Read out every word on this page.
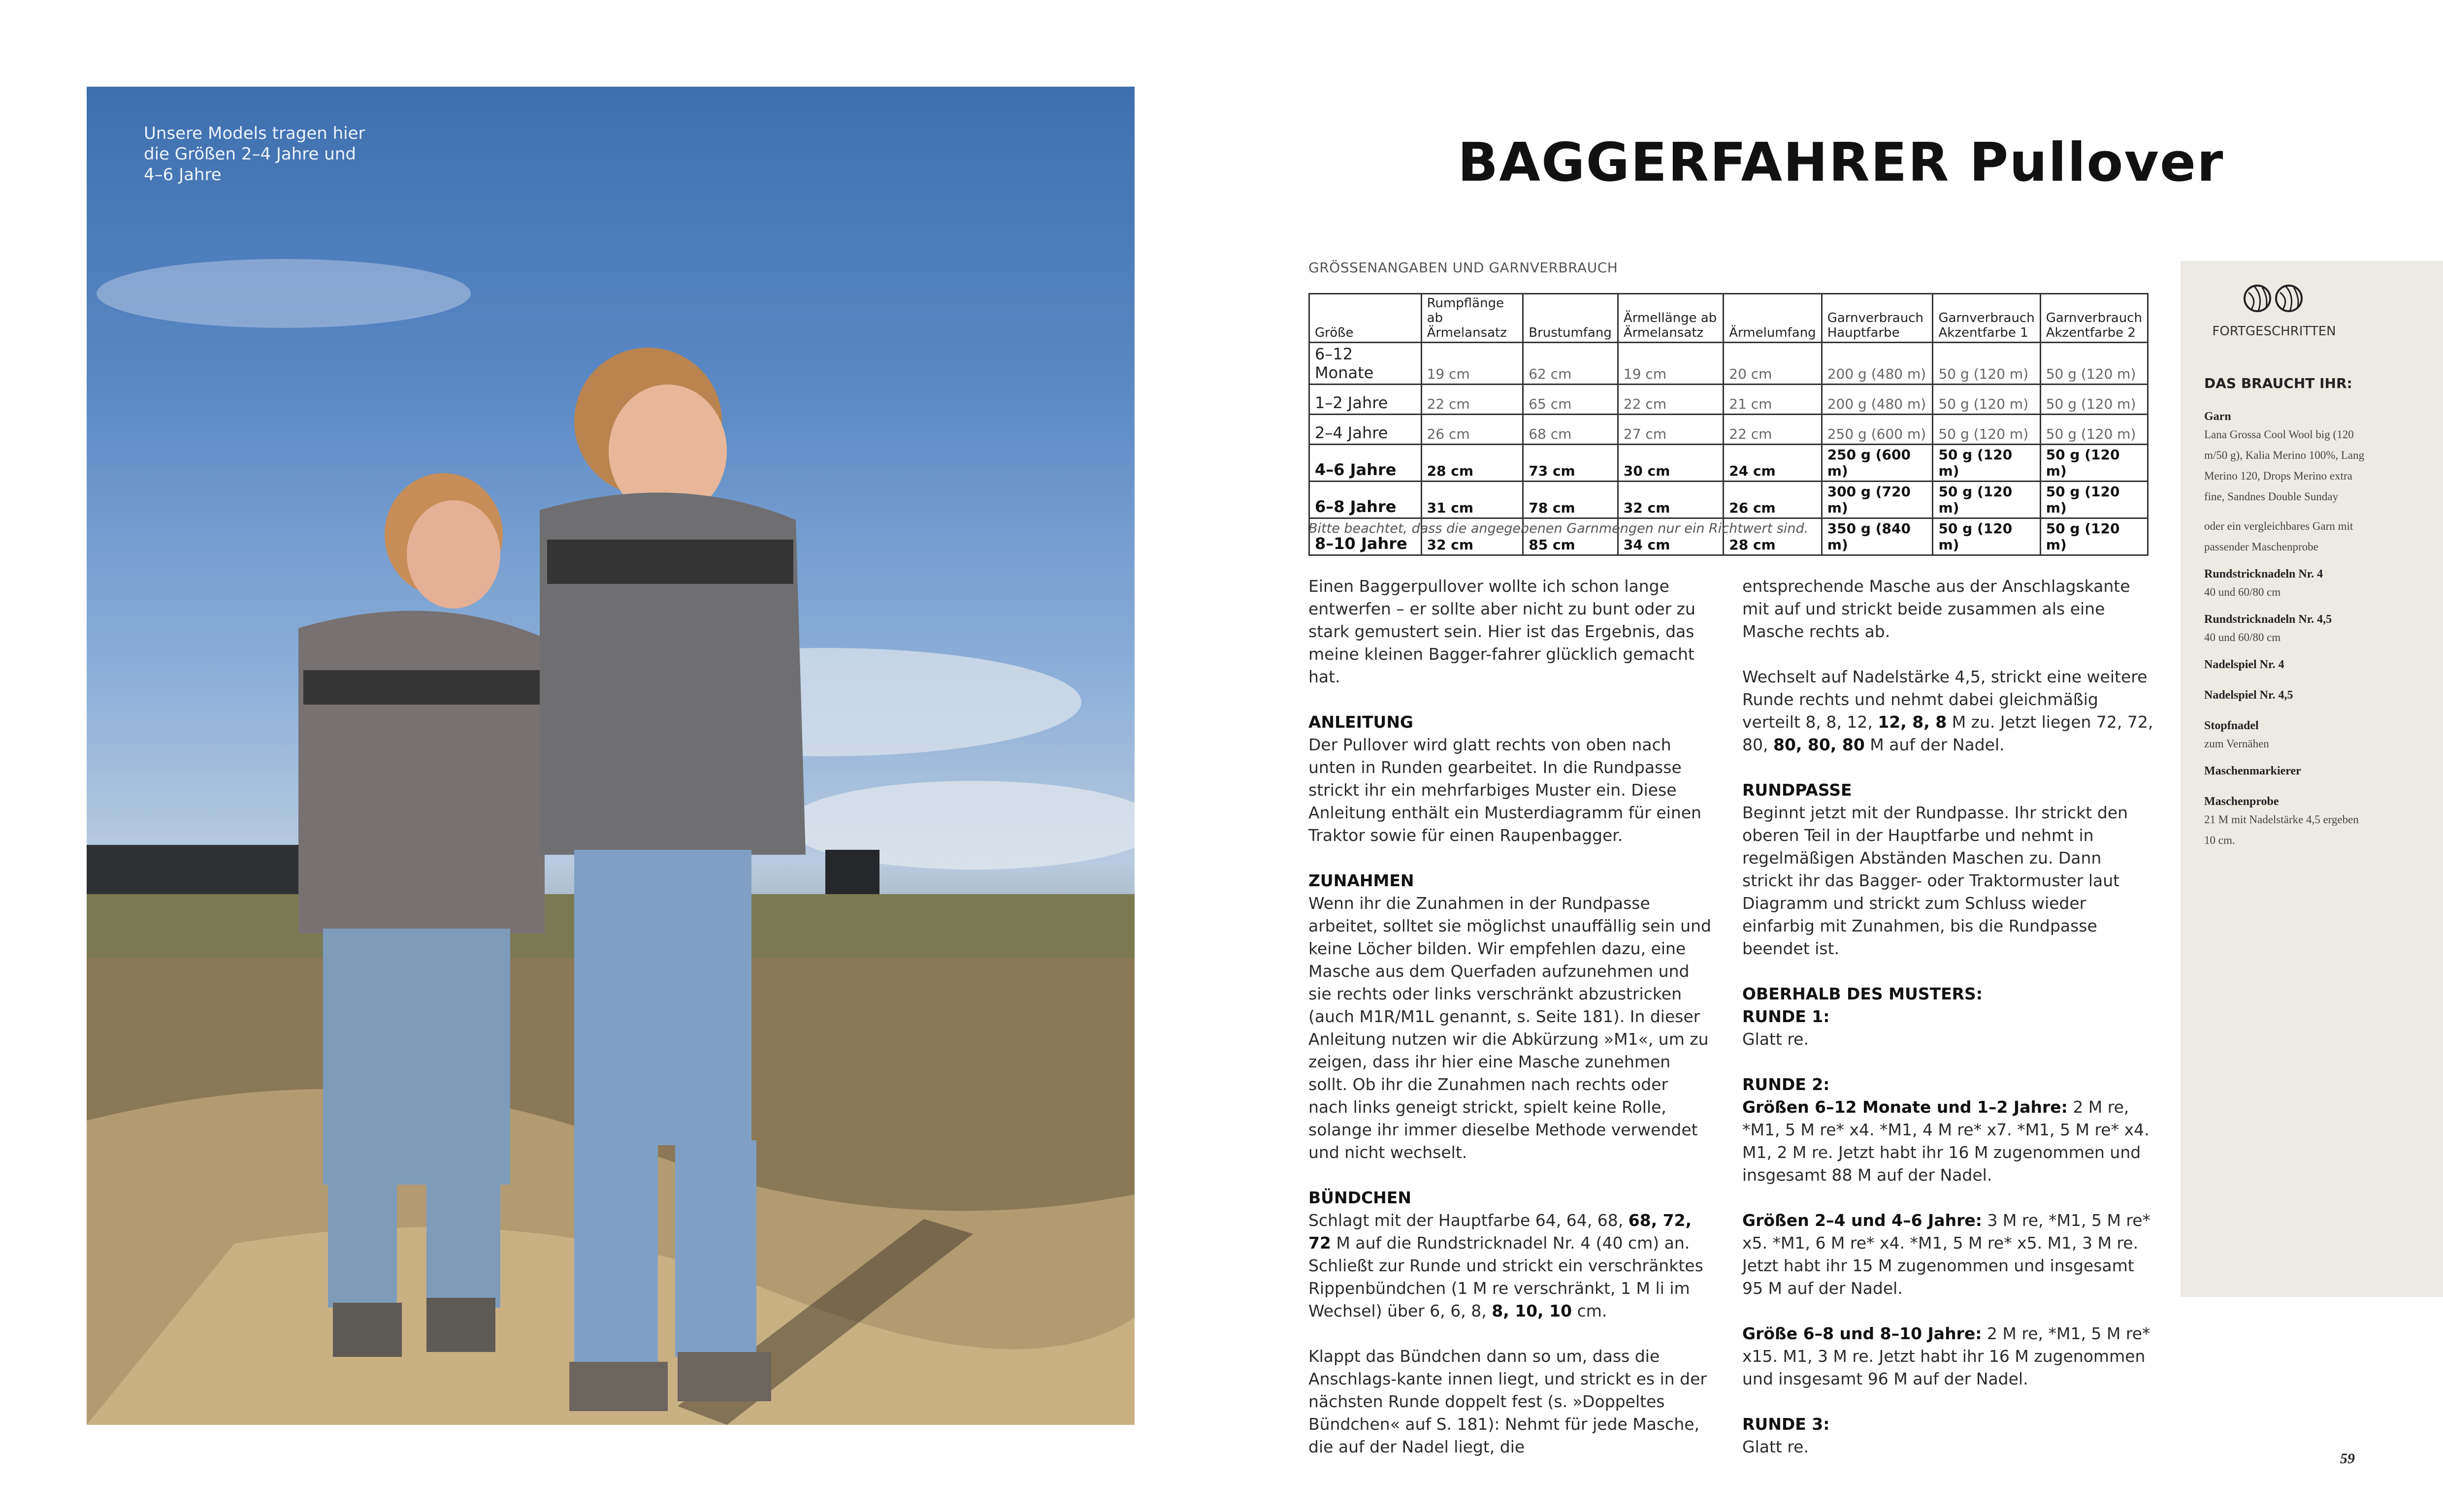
Unsere Models tragen hier die Größen 2–4 Jahre und 4–6 Jahre	BAGGERFAHRER Pullover
GRÖSSENANGABEN UND GARNVERBRAUCH
Größe	Rumpflänge ab Ärmelansatz	Brustumfang	Ärmellänge ab Ärmelansatz	Ärmelumfang	Garnverbrauch Hauptfarbe	Garnverbrauch Akzentfarbe 1	Garnverbrauch Akzentfarbe 2
6–12 Monate	19 cm	62 cm	19 cm	20 cm	200 g (480 m)	50 g (120 m)	50 g (120 m)
1–2 Jahre	22 cm	65 cm	22 cm	21 cm	200 g (480 m)	50 g (120 m)	50 g (120 m)
2–4 Jahre	26 cm	68 cm	27 cm	22 cm	250 g (600 m)	50 g (120 m)	50 g (120 m)
4–6 Jahre	28 cm	73 cm	30 cm	24 cm	250 g (600 m)	50 g (120 m)	50 g (120 m)
6–8 Jahre	31 cm	78 cm	32 cm	26 cm	300 g (720 m)	50 g (120 m)	50 g (120 m)
8–10 Jahre	32 cm	85 cm	34 cm	28 cm	350 g (840 m)	50 g (120 m)	50 g (120 m)
Bitte beachtet, dass die angegebenen Garnmengen nur ein Richtwert sind.

Einen Baggerpullover wollte ich schon lange entwerfen – er sollte aber nicht zu bunt oder zu stark gemustert sein. Hier ist das Ergebnis, das meine kleinen Bagger-fahrer glücklich gemacht hat.

ANLEITUNG

Der Pullover wird glatt rechts von oben nach unten in Runden gearbeitet. In die Rundpasse strickt ihr ein mehrfarbiges Muster ein. Diese Anleitung enthält ein Musterdiagramm für einen Traktor sowie für einen Raupenbagger.

ZUNAHMEN

Wenn ihr die Zunahmen in der Rundpasse arbeitet, solltet sie möglichst unauffällig sein und keine Löcher bilden. Wir empfehlen dazu, eine Masche aus dem Querfaden aufzunehmen und sie rechts oder links verschränkt abzustricken (auch M1R/M1L genannt, s. Seite 181). In dieser Anleitung nutzen wir die Abkürzung »M1«, um zu zeigen, dass ihr hier eine Masche zunehmen sollt. Ob ihr die Zunahmen nach rechts oder nach links geneigt strickt, spielt keine Rolle, solange ihr immer dieselbe Methode verwendet und nicht wechselt.

BÜNDCHEN

Schlagt mit der Hauptfarbe 64, 64, 68, 68, 72, 72 M auf die Rundstricknadel Nr. 4 (40 cm) an. Schließt zur Runde und strickt ein verschränktes Rippenbündchen (1 M re verschränkt, 1 M li im Wechsel) über 6, 6, 8, 8, 10, 10 cm.

Klappt das Bündchen dann so um, dass die Anschlags-kante innen liegt, und strickt es in der nächsten Runde doppelt fest (s. »Doppeltes Bündchen« auf S. 181): Nehmt für jede Masche, die auf der Nadel liegt, die

entsprechende Masche aus der Anschlagskante mit auf und strickt beide zusammen als eine Masche rechts ab.

Wechselt auf Nadelstärke 4,5, strickt eine weitere Runde rechts und nehmt dabei gleichmäßig verteilt 8, 8, 12, 12, 8, 8 M zu. Jetzt liegen 72, 72, 80, 80, 80, 80 M auf der Nadel.

RUNDPASSE

Beginnt jetzt mit der Rundpasse. Ihr strickt den oberen Teil in der Hauptfarbe und nehmt in regelmäßigen Abständen Maschen zu. Dann strickt ihr das Bagger- oder Traktormuster laut Diagramm und strickt zum Schluss wieder einfarbig mit Zunahmen, bis die Rundpasse beendet ist.

OBERHALB DES MUSTERS:
RUNDE 1:

Glatt re.

RUNDE 2:

Größen 6–12 Monate und 1–2 Jahre: 2 M re, *M1, 5 M re* x4. *M1, 4 M re* x7. *M1, 5 M re* x4. M1, 2 M re. Jetzt habt ihr 16 M zugenommen und insgesamt 88 M auf der Nadel.

Größen 2–4 und 4–6 Jahre: 3 M re, *M1, 5 M re* x5. *M1, 6 M re* x4. *M1, 5 M re* x5. M1, 3 M re. Jetzt habt ihr 15 M zugenommen und insgesamt 95 M auf der Nadel.

Größe 6–8 und 8–10 Jahre: 2 M re, *M1, 5 M re* x15. M1, 3 M re. Jetzt habt ihr 16 M zugenommen und insgesamt 96 M auf der Nadel.

RUNDE 3:

Glatt re.

FORTGESCHRITTEN
DAS BRAUCHT IHR:
Garn
Lana Grossa Cool Wool big (120 m/50 g), Kalia Merino 100%, Lang Merino 120, Drops Merino extra fine, Sandnes Double Sunday
oder ein vergleichbares Garn mit passender Maschenprobe
Rundstricknadeln Nr. 4
40 und 60/80 cm
Rundstricknadeln Nr. 4,5
40 und 60/80 cm
Nadelspiel Nr. 4
Nadelspiel Nr. 4,5
Stopfnadel
zum Vernähen
Maschenmarkierer
Maschenprobe
21 M mit Nadelstärke 4,5 ergeben 10 cm.
59
